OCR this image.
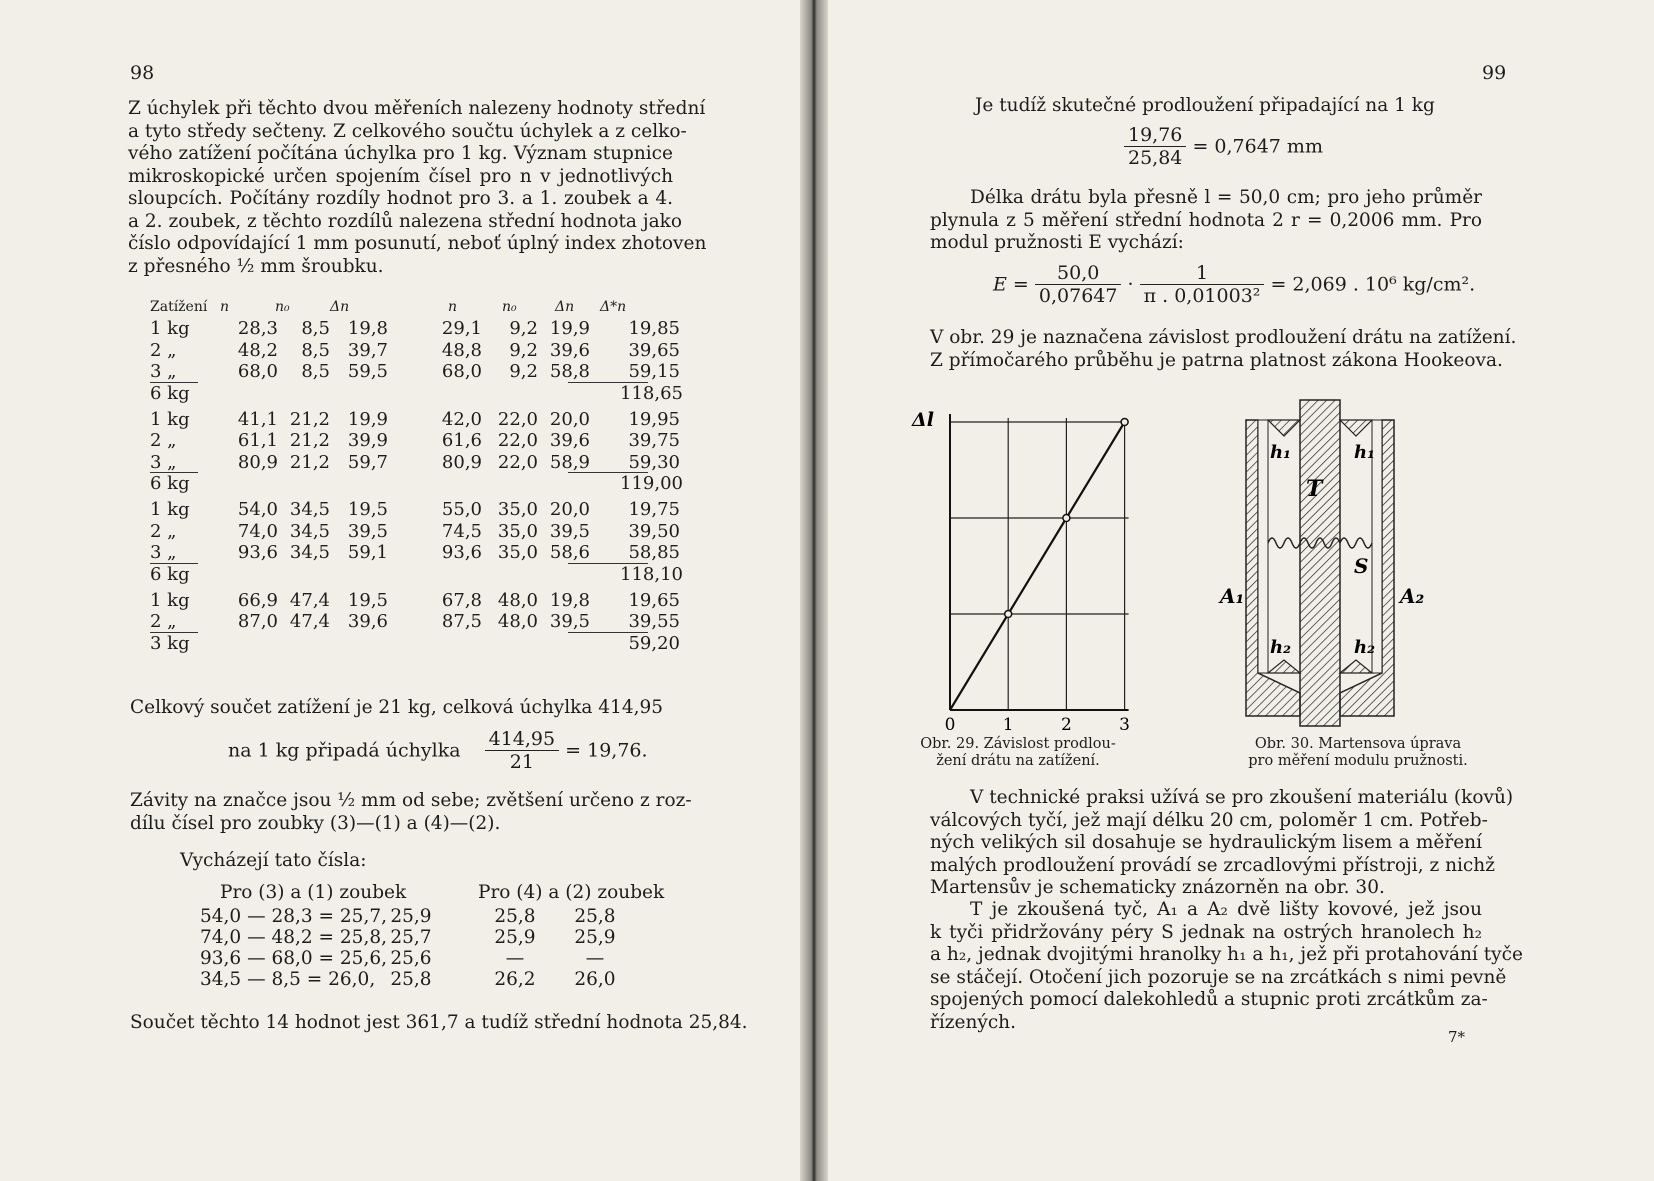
98
Z úchylek při těchto dvou měřeních nalezeny hodnoty střední
a tyto středy sečteny. Z celkového součtu úchylek a z celko-
vého zatížení počítána úchylka pro 1 kg. Význam stupnice
mikroskopické určen spojením čísel pro n v jednotlivých
sloupcích. Počítány rozdíly hodnot pro 3. a 1. zoubek a 4.
a 2. zoubek, z těchto rozdílů nalezena střední hodnota jako
číslo odpovídající 1 mm posunutí, neboť úplný index zhotoven
z přesného ½ mm šroubku.
Zatížení n	n₀	Δn	n	n₀	Δn Δ*n
1 kg	28,3	8,5 19,8	29,1	9,2 19,9	19,85
2 „	48,2	8,5 39,7	48,8	9,2 39,6	39,65
3 „	68,0	8,5 59,5	68,0	9,2 58,8	59,15
6 kg	118,65
1 kg	41,1 21,2 19,9	42,0 22,0 20,0	19,95
2 „	61,1 21,2 39,9	61,6 22,0 39,6	39,75
3 „	80,9 21,2 59,7	80,9 22,0 58,9	59,30
6 kg	119,00
1 kg	54,0 34,5 19,5	55,0 35,0 20,0	19,75
2 „	74,0 34,5 39,5	74,5 35,0 39,5	39,50
3 „	93,6 34,5 59,1	93,6 35,0 58,6	58,85
6 kg	118,10
1 kg	66,9 47,4 19,5	67,8 48,0 19,8	19,65
2 „	87,0 47,4 39,6	87,5 48,0 39,5	39,55
3 kg	59,20
Celkový součet zatížení je 21 kg, celková úchylka 414,95
na 1 kg připadá úchylka $\frac{414,95}{21} = 19,76$.
Závity na značce jsou ½ mm od sebe; zvětšení určeno z roz-
dílu čísel pro zoubky (3)—(1) a (4)—(2).
Vycházejí tato čísla:
Pro (3) a (1) zoubek	Pro (4) a (2) zoubek
54,0 — 28,3 = 25,7, 25,9	25,8 25,8
74,0 — 48,2 = 25,8, 25,7	25,9 25,9
93,6 — 68,0 = 25,6, 25,6	—	—
34,5 — 8,5 = 26,0, 25,8	26,2 26,0
Součet těchto 14 hodnot jest 361,7 a tudíž střední hodnota 25,84.
99
Je tudíž skutečné prodloužení připadající na 1 kg
$\frac{19,76}{25,84} = 0,7647$ mm
Délka drátu byla přesně l = 50,0 cm; pro jeho průměr
plynula z 5 měření střední hodnota 2 r = 0,2006 mm. Pro
modul pružnosti E vychází:
$E = \frac{50,0}{0,07647} \cdot \frac{1}{\text{π . 0,01003²}} = 2,069$ . 10⁶ kg/cm².
V obr. 29 je naznačena závislost prodloužení drátu na zatížení.
Z přímočarého průběhu je patrna platnost zákona Hookeova.
0	1	2	3
Δl
Obr. 29. Závislost prodlou-
žení drátu na zatížení.
h₁	h₁
T
S
A₁	A₂
h₂	h₂
Obr. 30. Martensova úprava
pro měření modulu pružnosti.
V technické praksi užívá se pro zkoušení materiálu (kovů)
válcových tyčí, jež mají délku 20 cm, poloměr 1 cm. Potřeb-
ných velikých sil dosahuje se hydraulickým lisem a měření
malých prodloužení provádí se zrcadlovými přístroji, z nichž
Martensův je schematicky znázorněn na obr. 30.
T je zkoušená tyč, A₁ a A₂ dvě lišty kovové, jež jsou
k tyči přidržovány péry S jednak na ostrých hranolech h₂
a h₂, jednak dvojitými hranolky h₁ a h₁, jež při protahování tyče
se stáčejí. Otočení jich pozoruje se na zrcátkách s nimi pevně
spojených pomocí dalekohledů a stupnic proti zrcátkům za-
řízených.
7*
